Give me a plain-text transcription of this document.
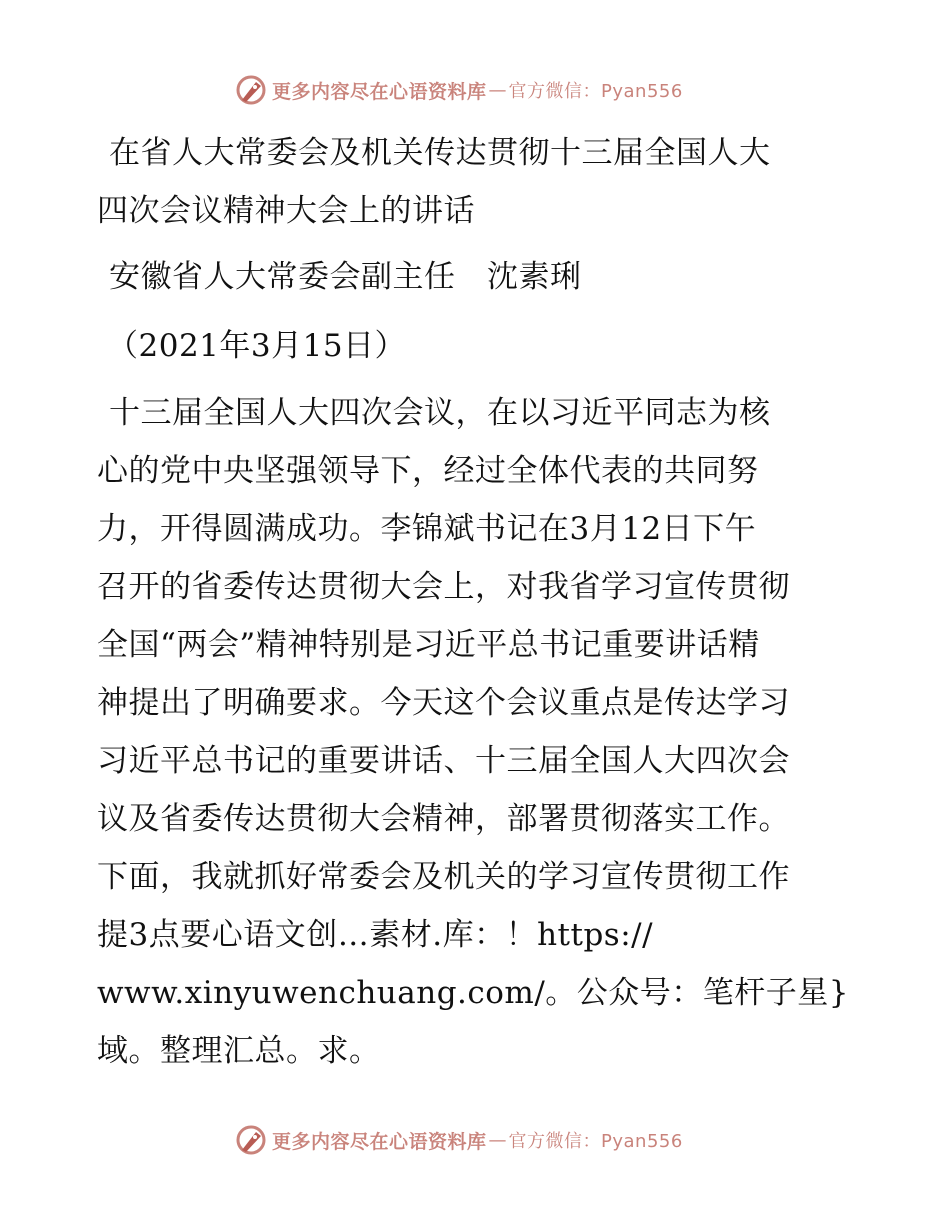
更多内容尽在心语资料库 — 官方微信：Pyan556
在省人大常委会及机关传达贯彻十三届全国人大
四次会议精神大会上的讲话
安徽省人大常委会副主任　沈素琍
（2021年3月15日）
十三届全国人大四次会议，在以习近平同志为核
心的党中央坚强领导下，经过全体代表的共同努
力，开得圆满成功。李锦斌书记在3月12日下午
召开的省委传达贯彻大会上，对我省学习宣传贯彻
全国“两会”精神特别是习近平总书记重要讲话精
神提出了明确要求。今天这个会议重点是传达学习
习近平总书记的重要讲话、十三届全国人大四次会
议及省委传达贯彻大会精神，部署贯彻落实工作。
下面，我就抓好常委会及机关的学习宣传贯彻工作
提3点要心语文创…素材.库：！https://
www.xinyuwenchuang.com/。公众号：笔杆子星}
域。整理汇总。求。
更多内容尽在心语资料库 — 官方微信：Pyan556
